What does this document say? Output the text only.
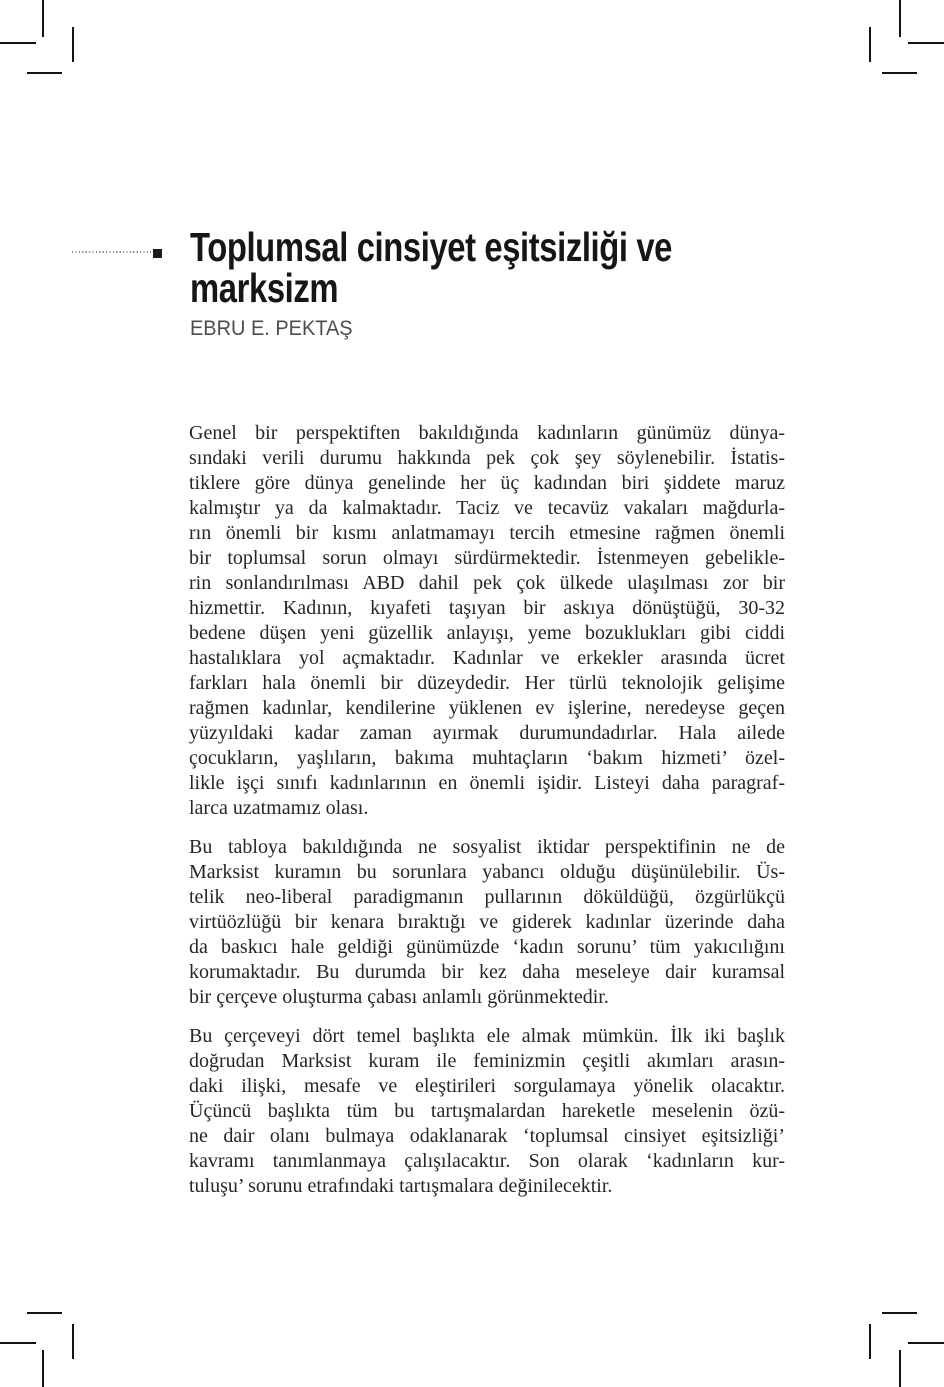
Toplumsal cinsiyet eşitsizliği ve
marksizm
EBRU E. PEKTAŞ

Genel bir perspektiften bakıldığında kadınların günümüz dünya-
sındaki verili durumu hakkında pek çok şey söylenebilir. İstatis-
tiklere göre dünya genelinde her üç kadından biri şiddete maruz
kalmıştır ya da kalmaktadır. Taciz ve tecavüz vakaları mağdurla-
rın önemli bir kısmı anlatmamayı tercih etmesine rağmen önemli
bir toplumsal sorun olmayı sürdürmektedir. İstenmeyen gebelikle-
rin sonlandırılması ABD dahil pek çok ülkede ulaşılması zor bir
hizmettir. Kadının, kıyafeti taşıyan bir askıya dönüştüğü, 30-32
bedene düşen yeni güzellik anlayışı, yeme bozuklukları gibi ciddi
hastalıklara yol açmaktadır. Kadınlar ve erkekler arasında ücret
farkları hala önemli bir düzeydedir. Her türlü teknolojik gelişime
rağmen kadınlar, kendilerine yüklenen ev işlerine, neredeyse geçen
yüzyıldaki kadar zaman ayırmak durumundadırlar. Hala ailede
çocukların, yaşlıların, bakıma muhtaçların ‘bakım hizmeti’ özel-
likle işçi sınıfı kadınlarının en önemli işidir. Listeyi daha paragraf-
larca uzatmamız olası.

Bu tabloya bakıldığında ne sosyalist iktidar perspektifinin ne de
Marksist kuramın bu sorunlara yabancı olduğu düşünülebilir. Üs-
telik neo-liberal paradigmanın pullarının döküldüğü, özgürlükçü
virtüözlüğü bir kenara bıraktığı ve giderek kadınlar üzerinde daha
da baskıcı hale geldiği günümüzde ‘kadın sorunu’ tüm yakıcılığını
korumaktadır. Bu durumda bir kez daha meseleye dair kuramsal
bir çerçeve oluşturma çabası anlamlı görünmektedir.

Bu çerçeveyi dört temel başlıkta ele almak mümkün. İlk iki başlık
doğrudan Marksist kuram ile feminizmin çeşitli akımları arasın-
daki ilişki, mesafe ve eleştirileri sorgulamaya yönelik olacaktır.
Üçüncü başlıkta tüm bu tartışmalardan hareketle meselenin özü-
ne dair olanı bulmaya odaklanarak ‘toplumsal cinsiyet eşitsizliği’
kavramı tanımlanmaya çalışılacaktır. Son olarak ‘kadınların kur-
tuluşu’ sorunu etrafındaki tartışmalara değinilecektir.
